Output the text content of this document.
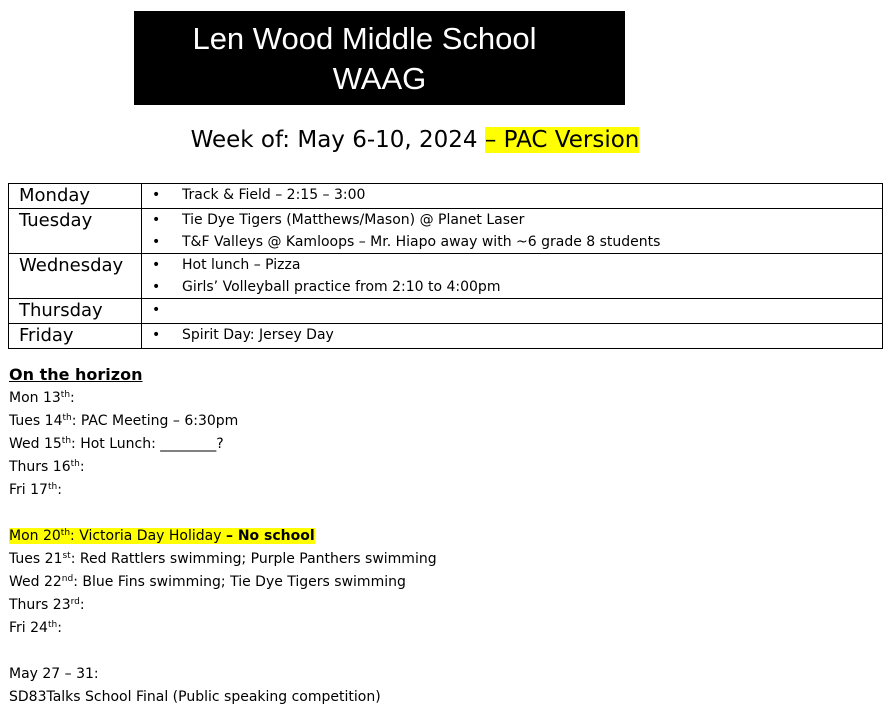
Len Wood Middle School
WAAG
Week of: May 6-10, 2024 – PAC Version
Monday	• Track & Field – 2:15 – 3:00

Tuesday	• Tie Dye Tigers (Matthews/Mason) @ Planet Laser
• T&F Valleys @ Kamloops – Mr. Hiapo away with ~6 grade 8 students

Wednesday	• Hot lunch – Pizza
• Girls’ Volleyball practice from 2:10 to 4:00pm

Thursday	•

Friday	• Spirit Day: Jersey Day
On the horizon
Mon 13th:
Tues 14th: PAC Meeting – 6:30pm
Wed 15th: Hot Lunch: ________?
Thurs 16th:
Fri 17th:
Mon 20th: Victoria Day Holiday – No school
Tues 21st: Red Rattlers swimming; Purple Panthers swimming
Wed 22nd: Blue Fins swimming; Tie Dye Tigers swimming
Thurs 23rd:
Fri 24th:
May 27 – 31:
SD83Talks School Final (Public speaking competition)
